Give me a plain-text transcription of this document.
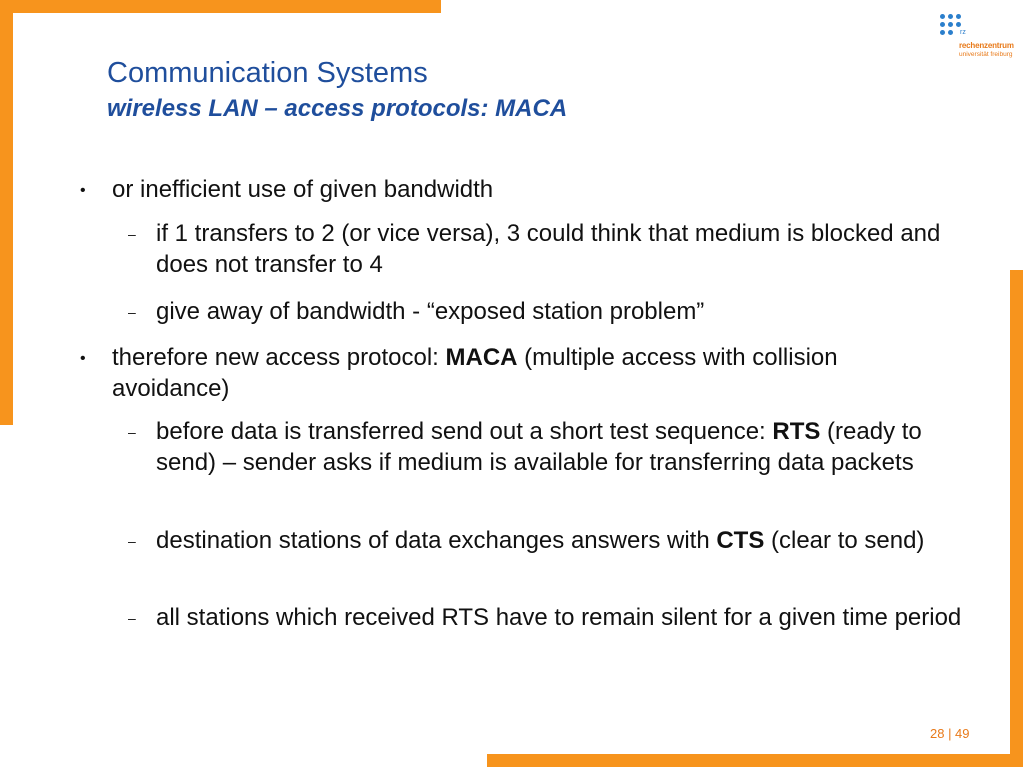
rz
rechenzentrum
universität freiburg
Communication Systems
wireless LAN – access protocols: MACA
• or inefficient use of given bandwidth
– if 1 transfers to 2 (or vice versa), 3 could think that medium is blocked and does not transfer to 4
– give away of bandwidth - “exposed station problem”
• therefore new access protocol: MACA (multiple access with collision avoidance)
– before data is transferred send out a short test sequence: RTS (ready to send) – sender asks if medium is available for transferring data packets
– destination stations of data exchanges answers with CTS (clear to send)
– all stations which received RTS have to remain silent for a given time period
28 | 49
